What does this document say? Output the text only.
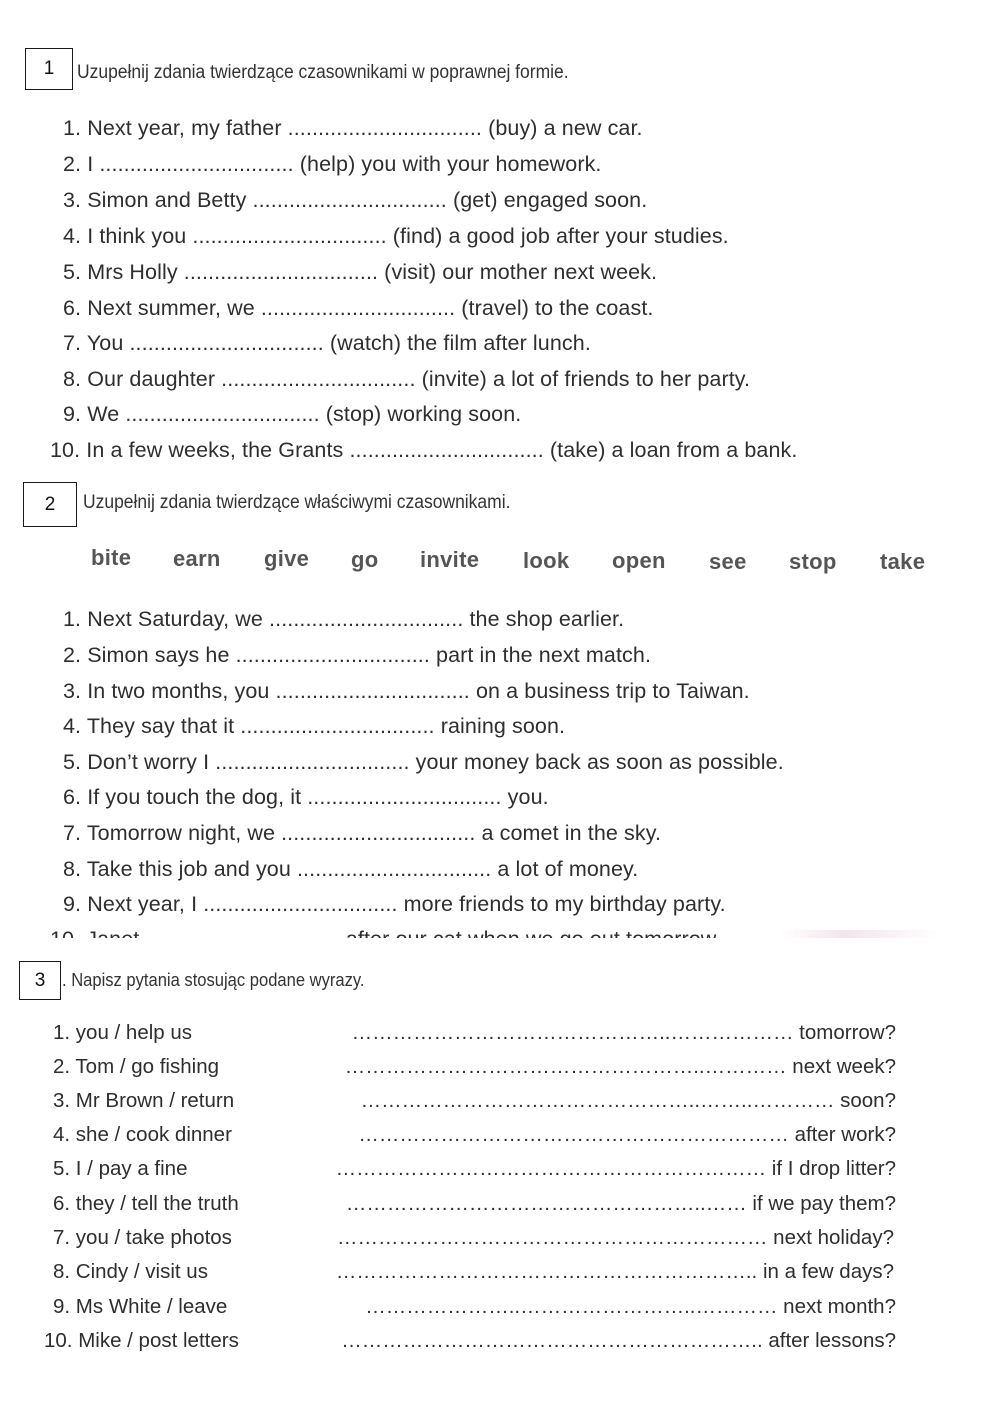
1 Uzupełnij zdania twierdzące czasownikami w poprawnej formie.
1. Next year, my father ................................ (buy) a new car.
2. I ................................ (help) you with your homework.
3. Simon and Betty ................................ (get) engaged soon.
4. I think you ................................ (find) a good job after your studies.
5. Mrs Holly ................................ (visit) our mother next week.
6. Next summer, we ................................ (travel) to the coast.
7. You ................................ (watch) the film after lunch.
8. Our daughter ................................ (invite) a lot of friends to her party.
9. We ................................ (stop) working soon.
10. In a few weeks, the Grants ................................ (take) a loan from a bank.
2 Uzupełnij zdania twierdzące właściwymi czasownikami.
bite earn give go invite look open see stop take
1. Next Saturday, we ................................ the shop earlier.
2. Simon says he ................................ part in the next match.
3. In two months, you ................................ on a business trip to Taiwan.
4. They say that it ................................ raining soon.
5. Don’t worry I ................................ your money back as soon as possible.
6. If you touch the dog, it ................................ you.
7. Tomorrow night, we ................................ a comet in the sky.
8. Take this job and you ................................ a lot of money.
9. Next year, I ................................ more friends to my birthday party.
3 . Napisz pytania stosując podane wyrazy.
1. you / help us	………………………………………..……………… tomorrow?
2. Tom / go fishing	……………………………………………..………… next week?
3. Mr Brown / return	…………………………………………..……..………… soon?
4. she / cook dinner	……………………………………………………… after work?
5. I / pay a fine	……………………………………………………… if I drop litter?
6. they / tell the truth	……………………………………………..…… if we pay them?
7. you / take photos	……………………………………………………… next holiday?
8. Cindy / visit us	…………………………………………………….. in a few days?
9. Ms White / leave	…………………..……………………..………… next month?
10. Mike / post letters	…………………………………………………….. after lessons?
